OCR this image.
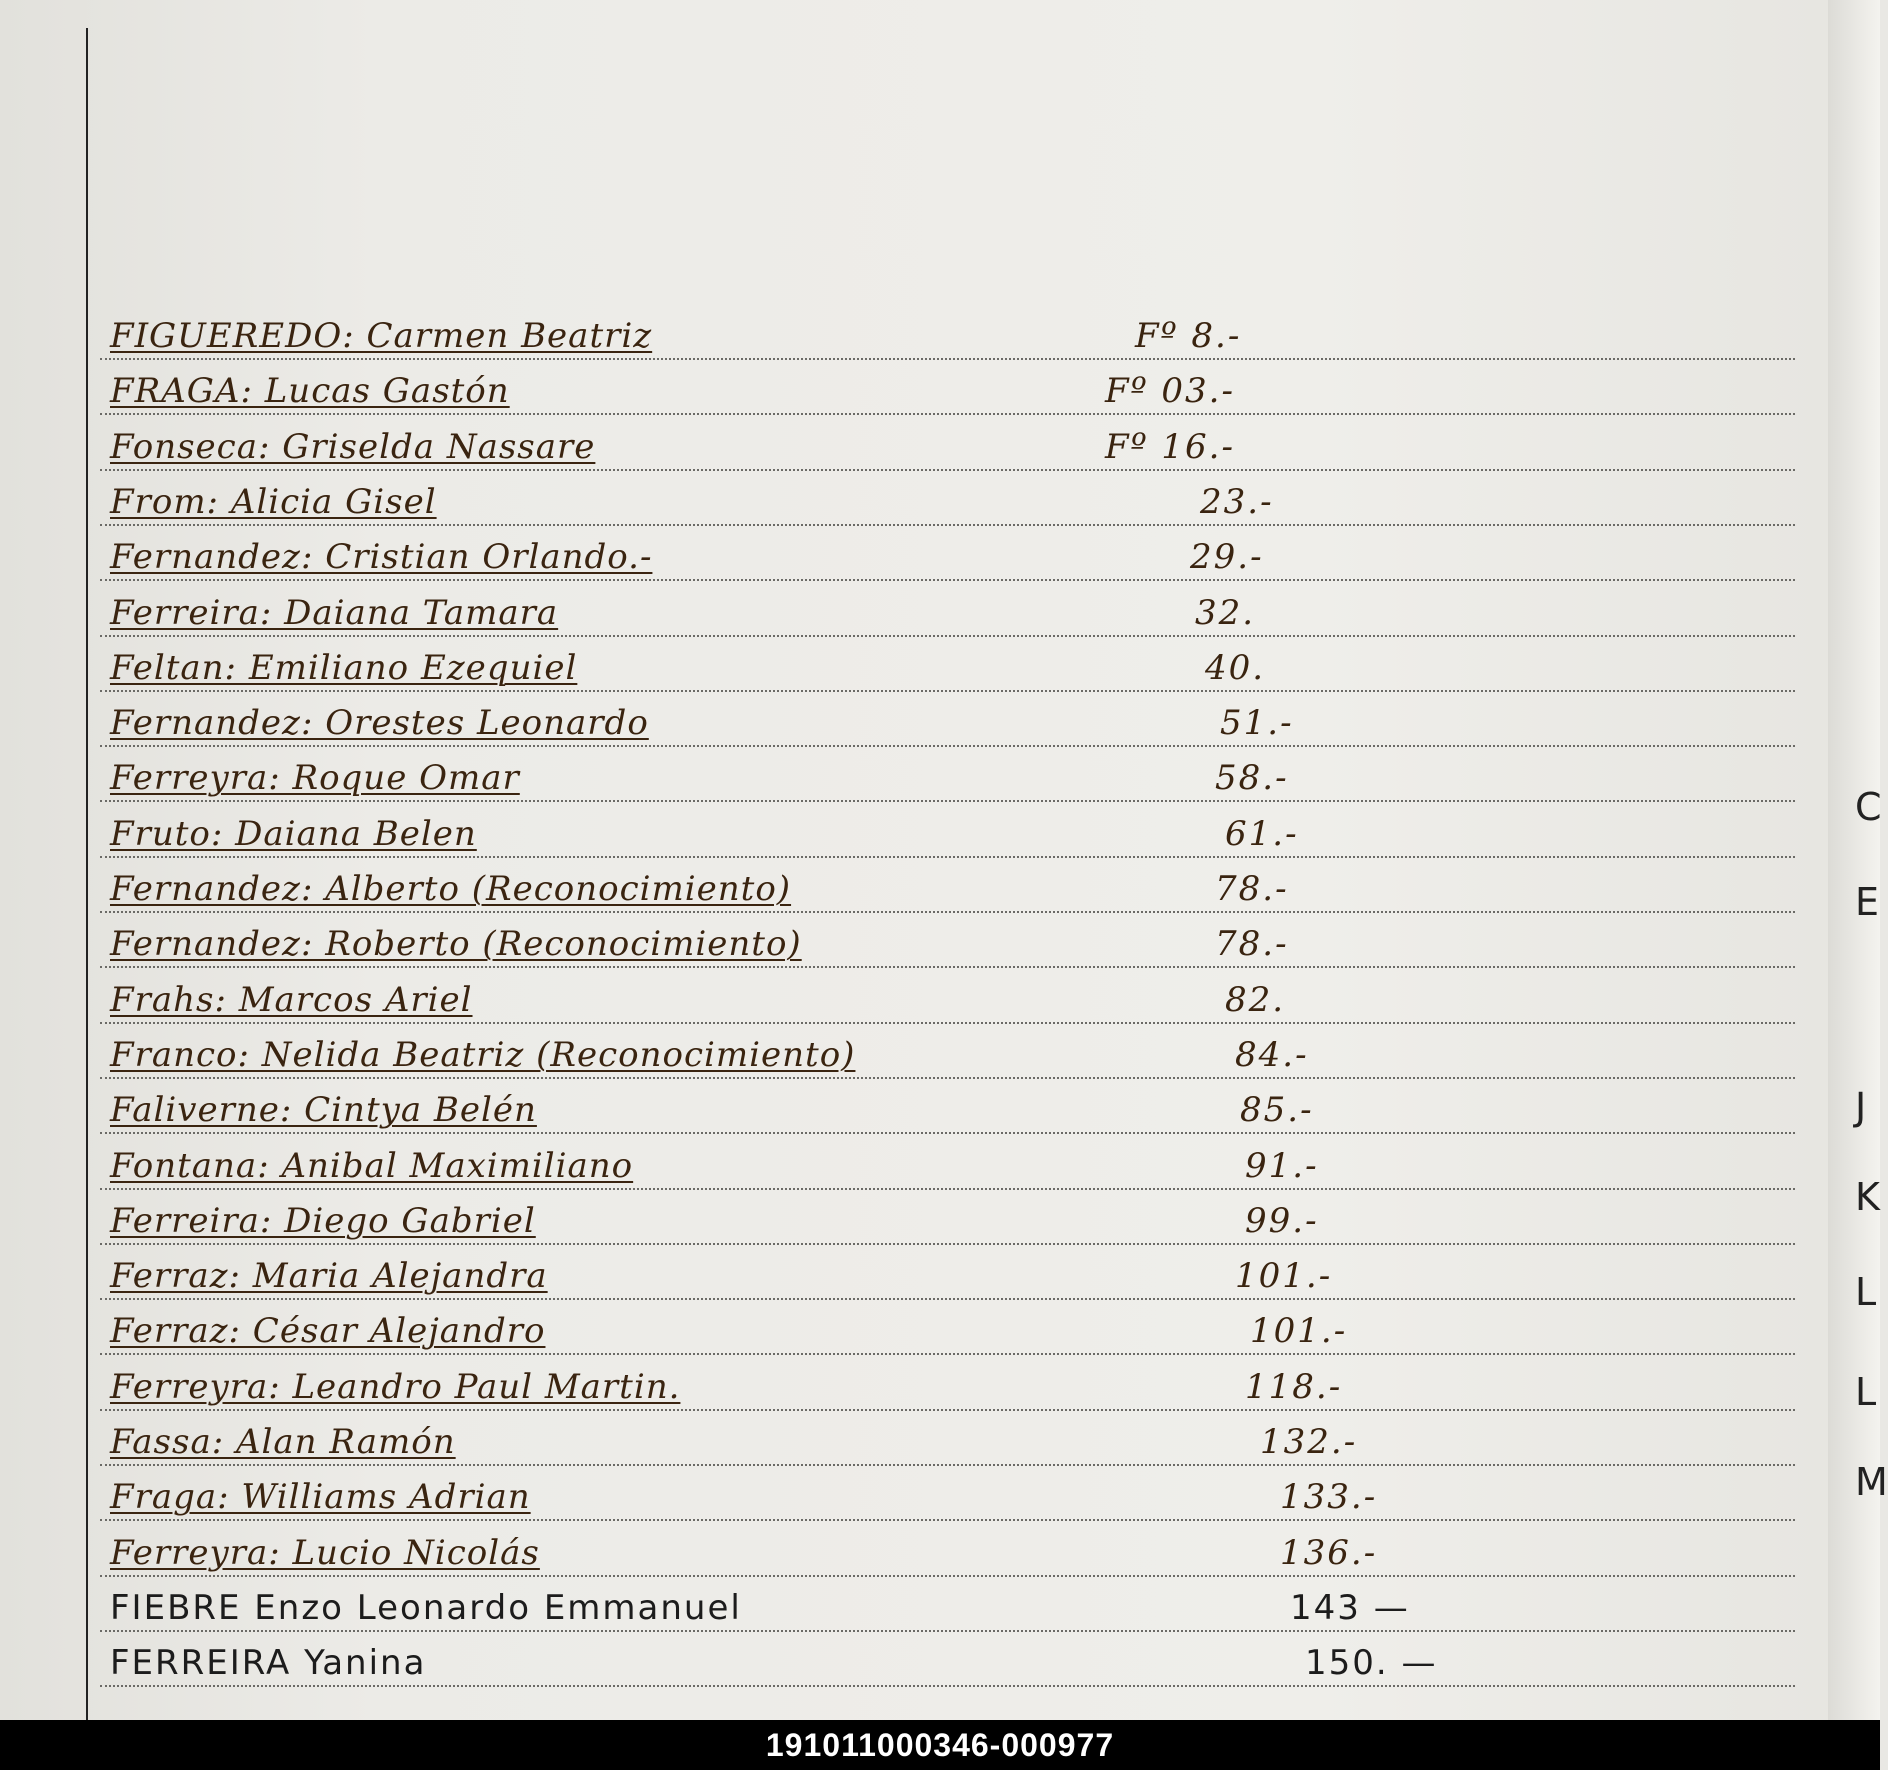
FIGUEREDO: Carmen Beatriz	Fº 8.-
FRAGA: Lucas Gastón	Fº 03.-
Fonseca: Griselda Nassare	Fº 16.-
From: Alicia Gisel	23.-
Fernandez: Cristian Orlando.-	29.-
Ferreira: Daiana Tamara	32.
Feltan: Emiliano Ezequiel	40.
Fernandez: Orestes Leonardo	51.-
Ferreyra: Roque Omar	58.-
Fruto: Daiana Belen	61.-
Fernandez: Alberto (Reconocimiento)	78.-
Fernandez: Roberto (Reconocimiento)	78.-
Frahs: Marcos Ariel	82.
Franco: Nelida Beatriz (Reconocimiento)	84.-
Faliverne: Cintya Belén	85.-
Fontana: Anibal Maximiliano	91.-
Ferreira: Diego Gabriel	99.-
Ferraz: Maria Alejandra	101.-
Ferraz: César Alejandro	101.-
Ferreyra: Leandro Paul Martin.	118.-
Fassa: Alan Ramón	132.-
Fraga: Williams Adrian	133.-
Ferreyra: Lucio Nicolás	136.-
FIEBRE Enzo Leonardo Emmanuel	143 —
FERREIRA Yanina	150. —
C
E
J
K
L
L
M
191011000346-000977
